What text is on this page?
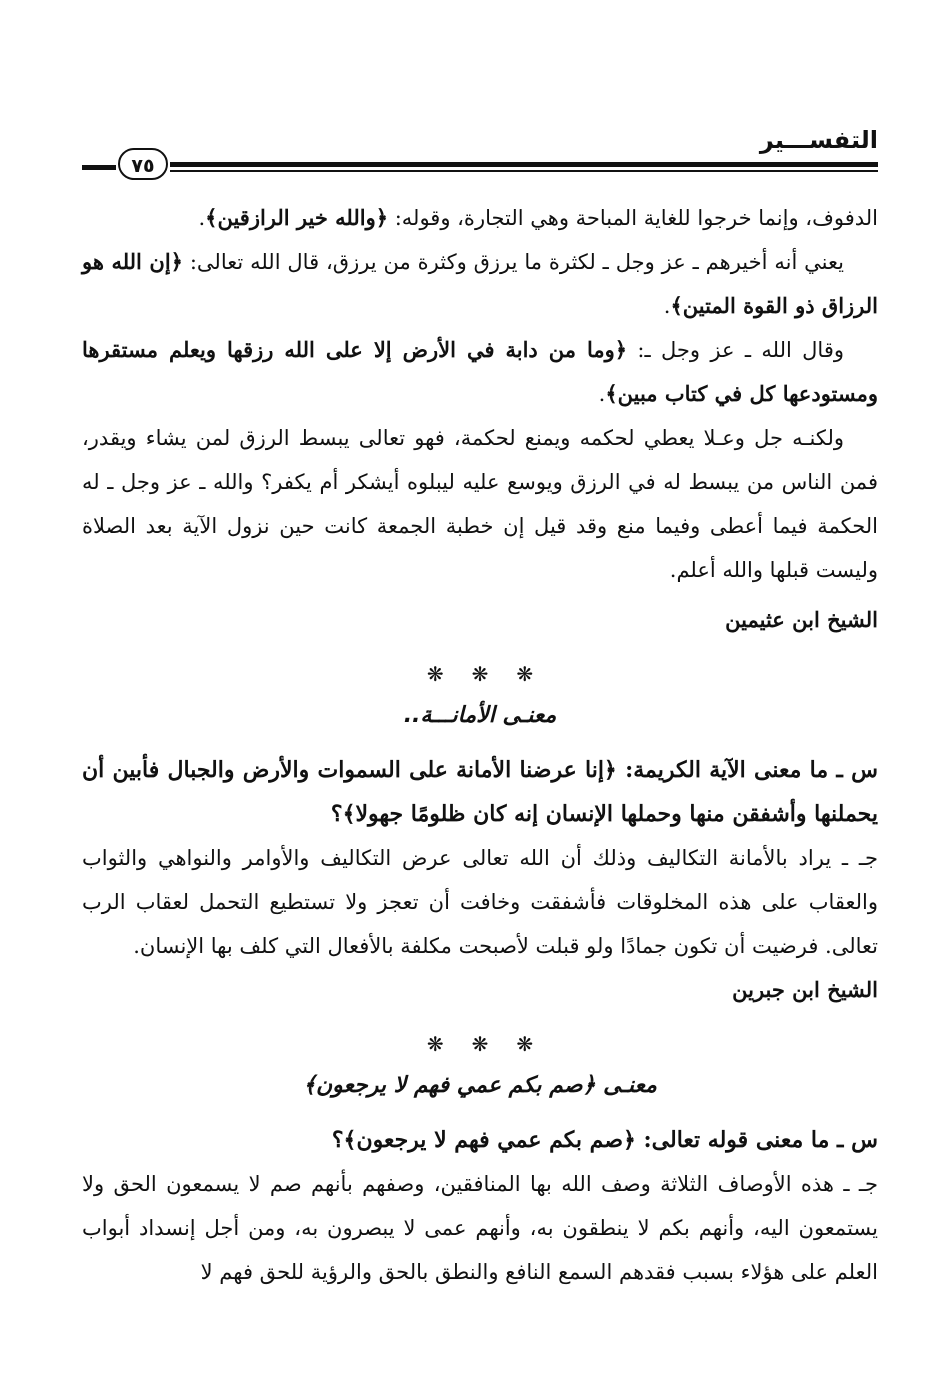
التفســـير
٧٥

الدفوف، وإنما خرجوا للغاية المباحة وهي التجارة، وقوله: ﴿والله خير الرازقين﴾.

يعني أنه أخيرهم ـ عز وجل ـ لكثرة ما يرزق وكثرة من يرزق، قال الله تعالى: ﴿إن الله هو الرزاق ذو القوة المتين﴾.

وقال الله ـ عز وجل ـ: ﴿وما من دابة في الأرض إلا على الله رزقها ويعلم مستقرها ومستودعها كل في كتاب مبين﴾.

ولكنـه جل وعـلا يعطي لحكمه ويمنع لحكمة، فهو تعالى يبسط الرزق لمن يشاء ويقدر، فمن الناس من يبسط له في الرزق ويوسع عليه ليبلوه أيشكر أم يكفر؟ والله ـ عز وجل ـ له الحكمة فيما أعطى وفيما منع وقد قيل إن خطبة الجمعة كانت حين نزول الآية بعد الصلاة وليست قبلها والله أعلم.

الشيخ ابن عثيمين
❋❋❋
معنـى الأمانـــة..

س ـ ما معنى الآية الكريمة: ﴿إنا عرضنا الأمانة على السموات والأرض والجبال فأبين أن يحملنها وأشفقن منها وحملها الإنسان إنه كان ظلومًا جهولا﴾؟

جـ ـ يراد بالأمانة التكاليف وذلك أن الله تعالى عرض التكاليف والأوامر والنواهي والثواب والعقاب على هذه المخلوقات فأشفقت وخافت أن تعجز ولا تستطيع التحمل لعقاب الرب تعالى. فرضيت أن تكون جمادًا ولو قبلت لأصبحت مكلفة بالأفعال التي كلف بها الإنسان.

الشيخ ابن جبرين
❋❋❋
معنـى ﴿صم بكم عمي فهم لا يرجعون﴾

س ـ ما معنى قوله تعالى: ﴿صم بكم عمي فهم لا يرجعون﴾؟

جـ ـ هذه الأوصاف الثلاثة وصف الله بها المنافقين، وصفهم بأنهم صم لا يسمعون الحق ولا يستمعون اليه، وأنهم بكم لا ينطقون به، وأنهم عمى لا يبصرون به، ومن أجل إنسداد أبواب العلم على هؤلاء بسبب فقدهم السمع النافع والنطق بالحق والرؤية للحق فهم لا
